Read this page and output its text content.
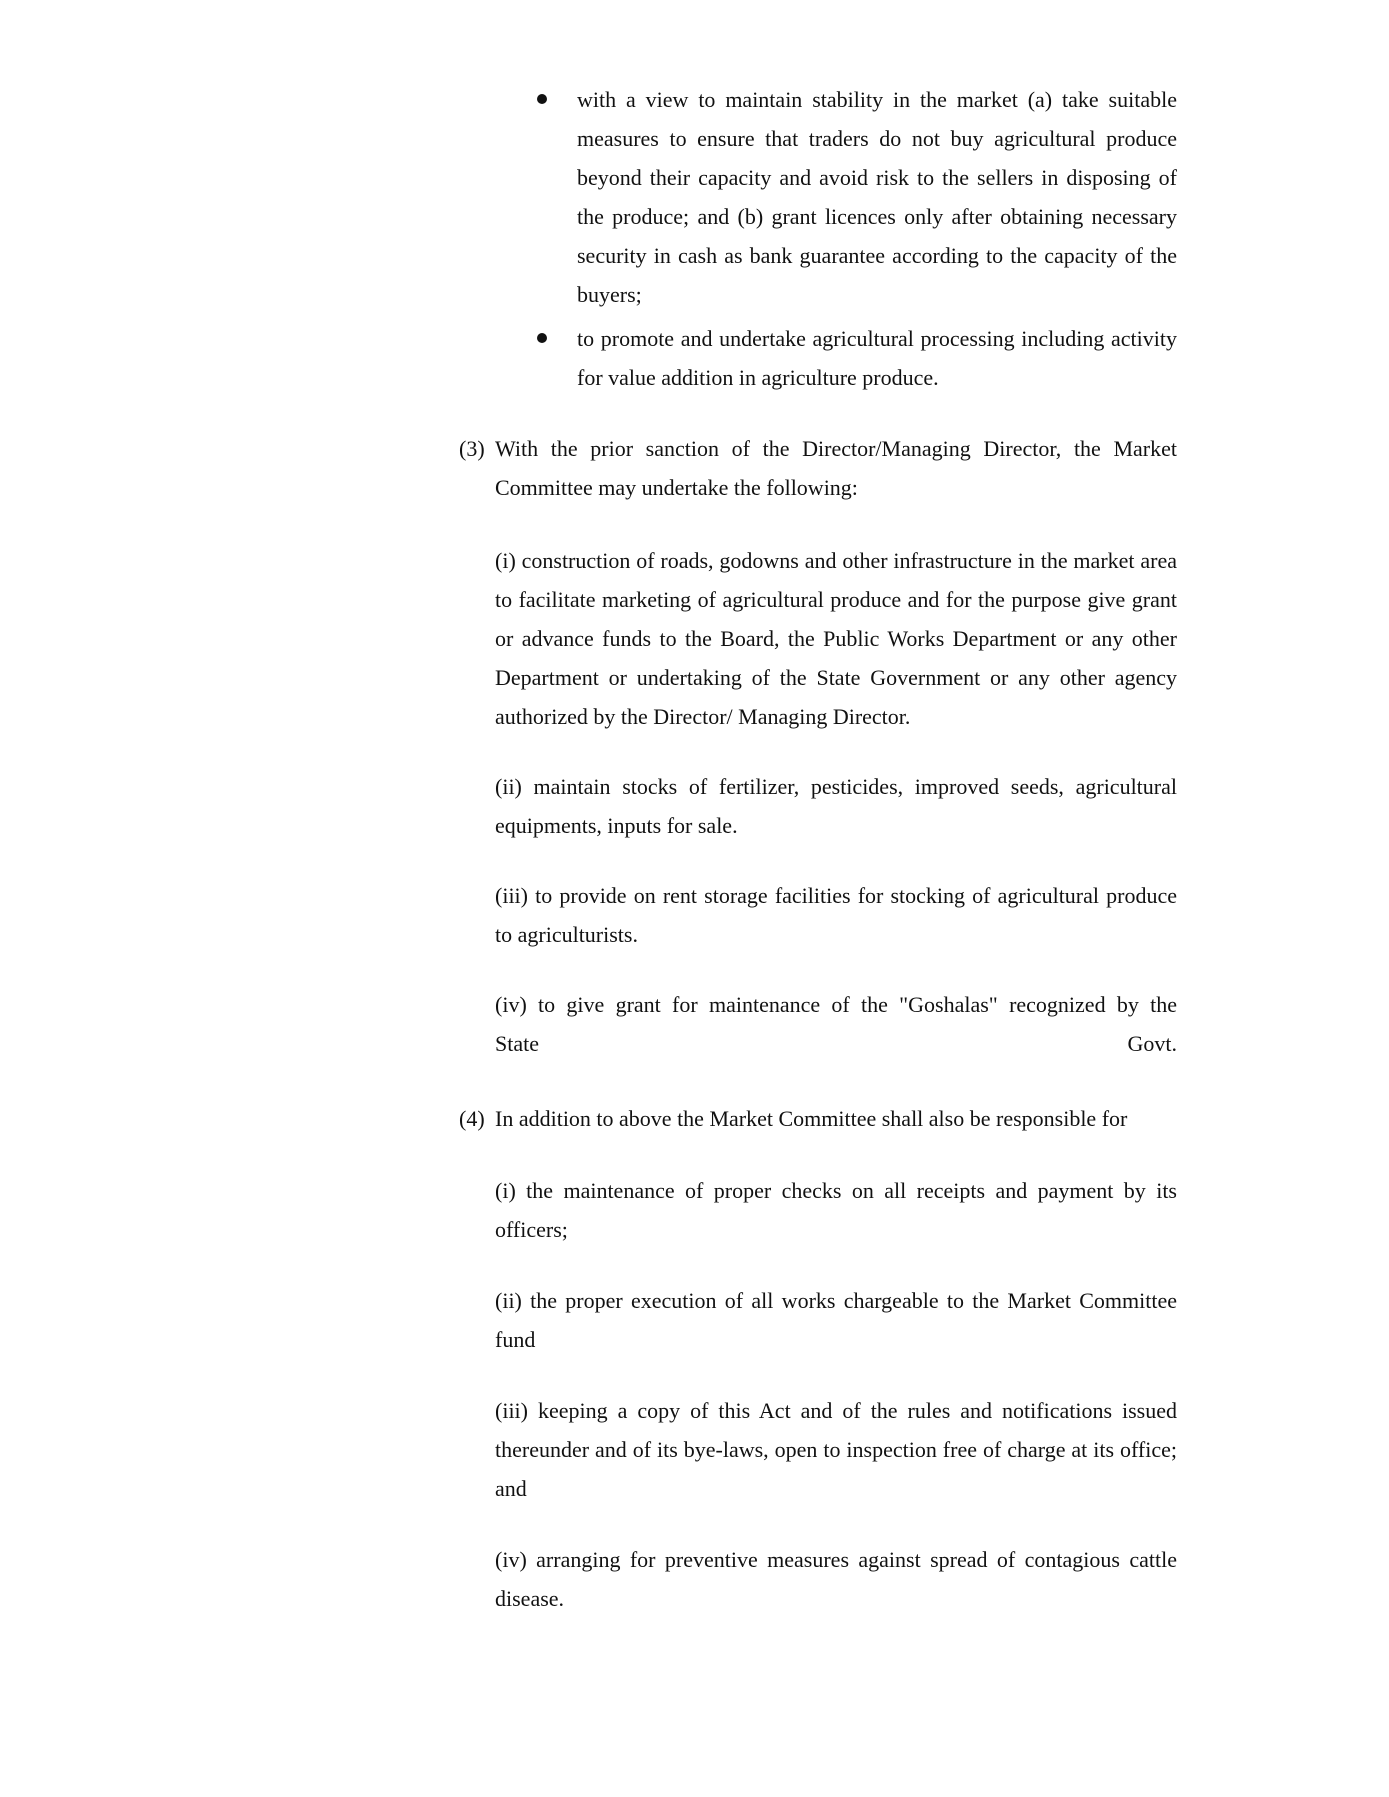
with a view to maintain stability in the market (a) take suitable measures to ensure that traders do not buy agricultural produce beyond their capacity and avoid risk to the sellers in disposing of the produce; and (b) grant licences only after obtaining necessary security in cash as bank guarantee according to the capacity of the buyers;

to promote and undertake agricultural processing including activity for value addition in agriculture produce.

(3) With the prior sanction of the Director/Managing Director, the Market Committee may undertake the following:

(i) construction of roads, godowns and other infrastructure in the market area to facilitate marketing of agricultural produce and for the purpose give grant or advance funds to the Board, the Public Works Department or any other Department or undertaking of the State Government or any other agency authorized by the Director/ Managing Director.

(ii) maintain stocks of fertilizer, pesticides, improved seeds, agricultural equipments, inputs for sale.

(iii) to provide on rent storage facilities for stocking of agricultural produce to agriculturists.

(iv) to give grant for maintenance of the "Goshalas" recognized by the

State	Govt.

(4) In addition to above the Market Committee shall also be responsible for

(i) the maintenance of proper checks on all receipts and payment by its officers;

(ii) the proper execution of all works chargeable to the Market Committee fund

(iii) keeping a copy of this Act and of the rules and notifications issued thereunder and of its bye-laws, open to inspection free of charge at its office; and

(iv) arranging for preventive measures against spread of contagious cattle disease.
